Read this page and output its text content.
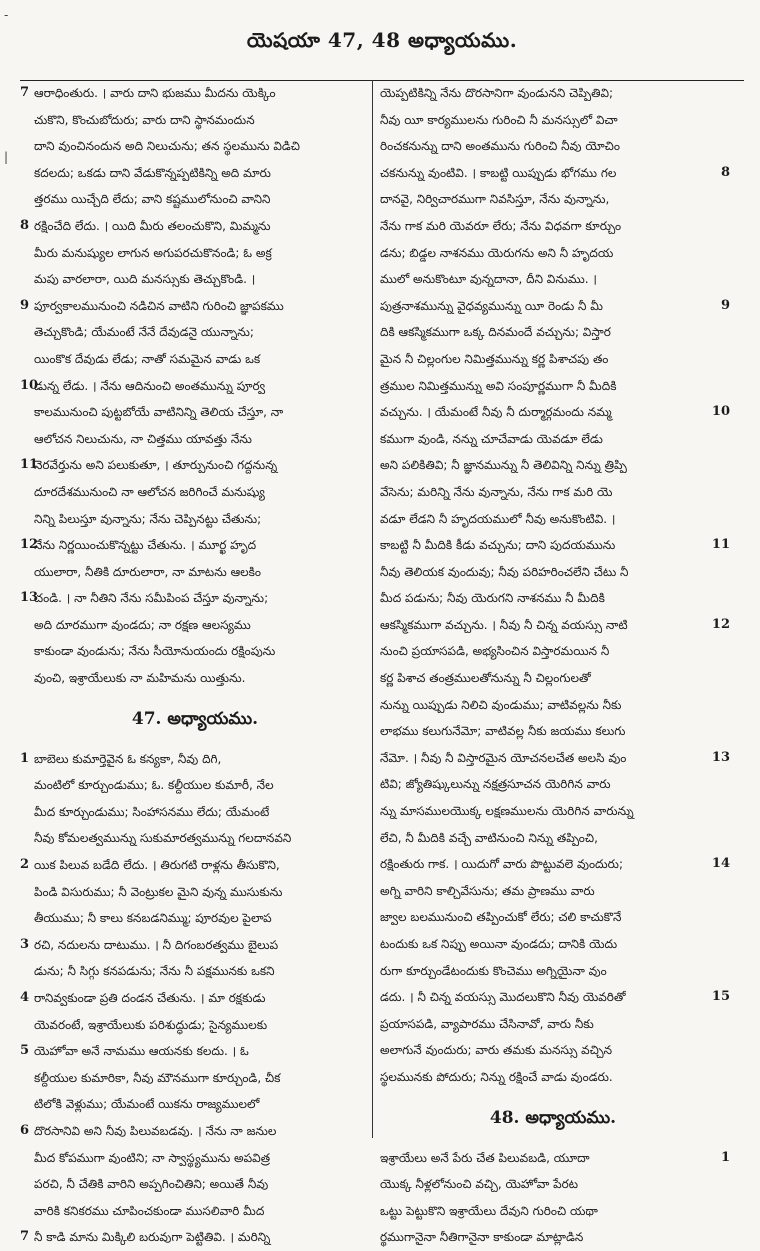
-
|
యెషయా 47, 48 అధ్యాయము.
7 ఆరాధింతురు. । వారు దాని భుజము మీదను యెక్కిం
చుకొని, కొంచుబోదురు; వారు దాని స్థానమందున
దాని వుంచినందున అది నిలుచును; తన స్థలమును విడిచి
కదలదు; ఒకడు దాని వేడుకొన్నప్పటికిన్ని అది మారు
త్తరము యిచ్చేది లేదు; వాని కష్టములోనుంచి వానిని
8 రక్షించేది లేదు. । యిది మీరు తలంచుకొని, మిమ్మను
మీరు మనుష్యుల లాగున అగుపరచుకొనండి; ఓ అక్ర
మపు వారలారా, యిది మనస్సుకు తెచ్చుకొండి. ।
9 పూర్వకాలమునుంచి నడిచిన వాటిని గురించి జ్ఞాపకము
తెచ్చుకొండి; యేమంటే నేనే దేవుడనై యున్నాను;
యింకొక దేవుడు లేడు; నాతో సమమైన వాడు ఒక
10
డున్న లేడు. । నేను ఆదినుంచి అంతమున్ను పూర్వ
కాలమునుంచి పుట్టబోయే వాటినిన్ని తెలియ చేస్తూ, నా
ఆలోచన నిలుచును, నా చిత్తము యావత్తు నేను
11
నెరవేర్తును అని పలుకుతూ, । తూర్పునుంచి గద్దనున్న
దూరదేశమునుంచి నా ఆలోచన జరిగించే మనుష్యు
నిన్ని పిలుస్తూ వున్నాను; నేను చెప్పినట్టు చేతును;
12
నేను నిర్ణయించుకొన్నట్టు చేతును. । మూర్ఖ హృద
యులారా, నీతికి దూరులారా, నా మాటను ఆలకిం
13
చండి. । నా నీతిని నేను సమీపింప చేస్తూ వున్నాను;
అది దూరముగా వుండదు; నా రక్షణ ఆలస్యము
కాకుండా వుండును; నేను సీయోనుయందు రక్షింపును
వుంచి, ఇశ్రాయేలుకు నా మహిమను యిత్తును.
47. అధ్యాయము.
1 బాబెలు కుమార్తెవైన ఓ కన్యకా, నీవు దిగి,
మంటిలో కూర్చుండుము; ఓ. కల్దీయుల కుమారీ, నేల
మీద కూర్చుండుము; సింహాసనము లేదు; యేమంటే
నీవు కోమలత్వమున్ను సుకుమారత్వమున్ను గలదానవని
2 యిక పిలువ బడేది లేదు. । తిరుగటి రాళ్లను తీసుకొని,
పిండి విసురుము; నీ వెంట్రుకల మైని వున్న ముసుకును
తీయుము; నీ కాలు కనబడనిమ్ము; పూరవుల పైలాప
3 రచి, నదులను దాటుము. । నీ దిగంబరత్వము బైలుప
డును; నీ సిగ్గు కనపడును; నేను నీ పక్షమునకు ఒకని
4 రానివ్వకుండా ప్రతి దండన చేతును. । మా రక్షకుడు
యెవరంటే, ఇశ్రాయేలుకు పరిశుద్ధుడు; సైన్యములకు
5 యెహోవా అనే నామము ఆయనకు కలదు. । ఓ
కల్దీయుల కుమారికా, నీవు మౌనముగా కూర్చుండి, చీక
టిలోకి వెళ్లుము; యేమంటే యికను రాజ్యములలో
6 దొరసానివి అని నీవు పిలువబడవు. । నేను నా జనుల
మీద కోపముగా వుంటిని; నా స్వాస్థ్యమును అపవిత్ర
పరచి, నీ చేతికి వారిని అప్పగించితిని; అయితే నీవు
వారికి కనికరము చూపించకుండా ముసలివారి మీద
7 నీ కాడి మాను మిక్కిలి బరువుగా పెట్టితివి. । మరిన్ని
యెప్పటికిన్ని నేను దొరసానిగా వుండునని చెప్పితివి;
నీవు యీ కార్యములను గురించి నీ మనస్సులో విచా
రించకనున్ను దాని అంతమును గురించి నీవు యోచిం
8
చకనున్ను వుంటివి. । కాబట్టి యిప్పుడు భోగము గల
దానవై, నిర్విచారముగా నివసిస్తూ, నేను వున్నాను,
నేను గాక మరి యెవరూ లేరు; నేను విధవగా కూర్చుం
డను; బిడ్డల నాశనము యెరుగను అని నీ హృదయ
ములో అనుకొంటూ వున్నదానా, దీని వినుము. ।
9
పుత్రనాశమున్ను వైధవ్యమున్ను యీ రెండు నీ మీ
దికి ఆకస్మికముగా ఒక్క దినమందే వచ్చును; విస్తార
మైన నీ చిల్లంగుల నిమిత్తమున్ను కర్ణ పిశాచపు తం
త్రముల నిమిత్తమున్ను అవి సంపూర్ణముగా నీ మీదికి
10
వచ్చును. । యేమంటే నీవు నీ దుర్మార్గమందు నమ్మ
కముగా వుండి, నన్ను చూచేవాడు యెవడూ లేడు
అని పలికితివి; నీ జ్ఞానమున్ను నీ తెలివిన్ని నిన్ను త్రిప్పి
వేసెను; మరిన్ని నేను వున్నాను, నేను గాక మరి యె
వడూ లేడని నీ హృదయములో నీవు అనుకొంటివి. ।
11
కాబట్టి నీ మీదికి కీడు వచ్చును; దాని పుదయమును
నీవు తెలియక వుందువు; నీవు పరిహరించలేని చేటు నీ
మీద పడును; నీవు యెరుగని నాశనము నీ మీదికి
12
ఆకస్మికముగా వచ్చును. । నీవు నీ చిన్న వయస్సు నాటి
నుంచి ప్రయాసపడి, అభ్యసించిన విస్తారమయిన నీ
కర్ణ పిశాచ తంత్రములతోనున్ను నీ చిల్లంగులతో
నున్ను యిప్పుడు నిలిచి వుండుము; వాటివల్లను నీకు
లాభము కలుగునేమో; వాటివల్ల నీకు జయము కలుగు
13
నేమో. । నీవు నీ విస్తారమైన యోచనలచేత అలసి వుం
టివి; జ్యోతిష్కులున్ను నక్షత్రసూచన యెరిగిన వారు
న్ను మాసములయొక్క లక్షణములను యెరిగిన వారున్ను
లేచి, నీ మీదికి వచ్చే వాటినుంచి నిన్ను తప్పించి,
14
రక్షింతురు గాక. । యిదుగో వారు పొట్టువలె వుందురు;
అగ్ని వారిని కాల్చివేసును; తమ ప్రాణము వారు
జ్వాల బలమునుంచి తప్పించుకో లేరు; చలి కాచుకొనే
టందుకు ఒక నిప్పు అయినా వుండదు; దానికి యెదు
రుగా కూర్చుండేటందుకు కొంచెము అగ్నియైనా వుం
15
డదు. । నీ చిన్న వయస్సు మొదలుకొని నీవు యెవరితో
ప్రయాసపడి, వ్యాపారము చేసినావో, వారు నీకు
అలాగునే వుందురు; వారు తమకు మనస్సు వచ్చిన
స్థలమునకు పోదురు; నిన్ను రక్షించే వాడు వుండరు.
48. అధ్యాయము.
1
ఇశ్రాయేలు అనే పేరు చేత పిలువబడి, యూదా
యొక్క నీళ్లలోనుంచి వచ్చి, యెహోవా పేరట
ఒట్టు పెట్టుకొని ఇశ్రాయేలు దేవుని గురించి యథా
ర్థముగానైనా నీతిగానైనా కాకుండా మాట్లాడిన
